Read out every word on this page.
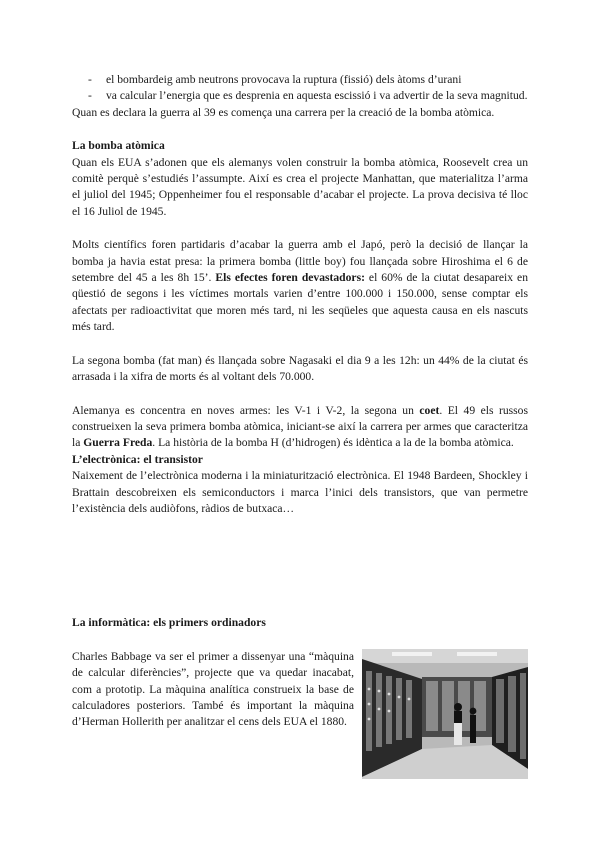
- el bombardeig amb neutrons provocava la ruptura (fissió) dels àtoms d’urani
- va calcular l’energia que es desprenia en aquesta escissió i va advertir de la seva magnitud.

Quan es declara la guerra al 39 es comença una carrera per la creació de la bomba atòmica.

La bomba atòmica

Quan els EUA s’adonen que els alemanys volen construir la bomba atòmica, Roosevelt crea un comitè perquè s’estudiés l’assumpte. Així es crea el projecte Manhattan, que materialitza l’arma el juliol del 1945; Oppenheimer fou el responsable d’acabar el projecte. La prova decisiva té lloc el 16 Juliol de 1945.

Molts científics foren partidaris d’acabar la guerra amb el Japó, però la decisió de llançar la bomba ja havia estat presa: la primera bomba (little boy) fou llançada sobre Hiroshima el 6 de setembre del 45 a les 8h 15’. Els efectes foren devastadors: el 60% de la ciutat desapareix en qüestió de segons i les víctimes mortals varien d’entre 100.000 i 150.000, sense comptar els afectats per radioactivitat que moren més tard, ni les seqüeles que aquesta causa en els nascuts més tard.

La segona bomba (fat man) és llançada sobre Nagasaki el dia 9 a les 12h: un 44% de la ciutat és arrasada i la xifra de morts és al voltant dels 70.000.

Alemanya es concentra en noves armes: les V-1 i V-2, la segona un coet. El 49 els russos construeixen la seva primera bomba atòmica, iniciant-se així la carrera per armes que caracteritza la Guerra Freda. La història de la bomba H (d’hidrogen) és idèntica a la de la bomba atòmica.

L’electrònica: el transistor

Naixement de l’electrònica moderna i la miniaturització electrònica. El 1948 Bardeen, Shockley i Brattain descobreixen els semiconductors i marca l’inici dels transistors, que van permetre l’existència dels audiòfons, ràdios de butxaca…

La informàtica: els primers ordinadors

Charles Babbage va ser el primer a dissenyar una “màquina de calcular diferències”, projecte que va quedar inacabat, com a prototip. La màquina analítica construeix la base de calculadores posteriors. També és important la màquina d’Herman Hollerith per analitzar el cens dels EUA el 1880.
